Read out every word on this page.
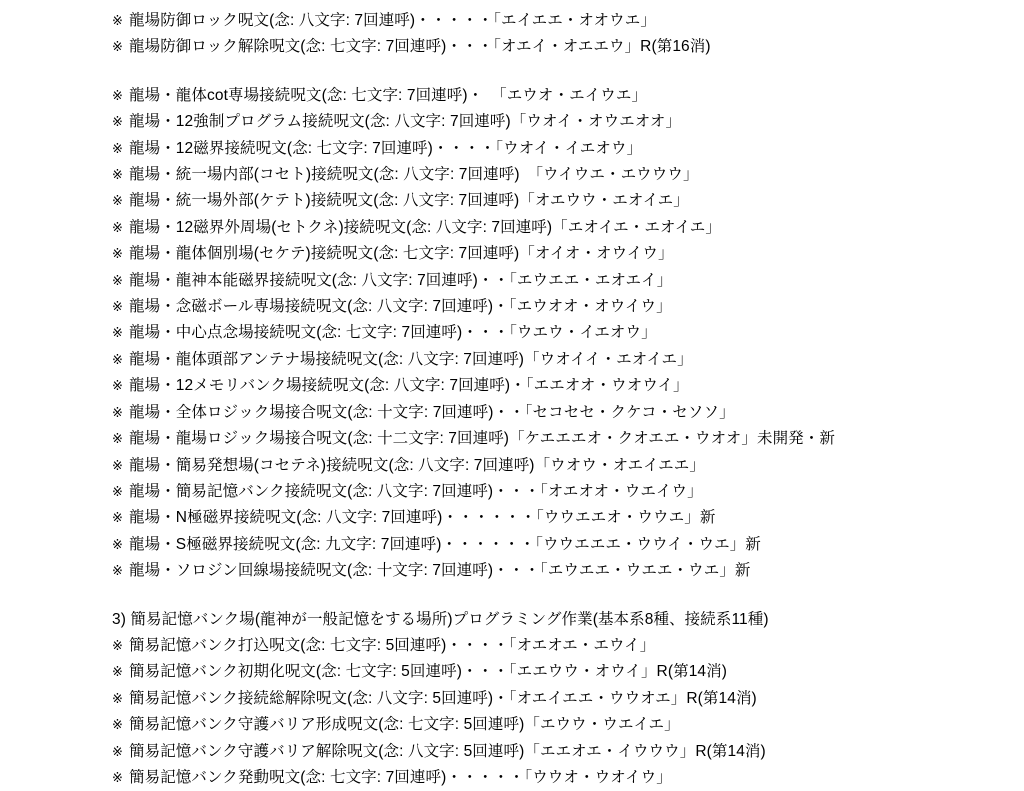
※ 龍場防御ロック呪文(念: 八文字: 7回連呼)・・・・・「エイエエ・オオウエ」
※ 龍場防御ロック解除呪文(念: 七文字: 7回連呼)・・・「オエイ・オエエウ」R(第16消)
※ 龍場・龍体cot専場接続呪文(念: 七文字: 7回連呼)・　「エウオ・エイウエ」
※ 龍場・12強制プログラム接続呪文(念: 八文字: 7回連呼)「ウオイ・オウエオオ」
※ 龍場・12磁界接続呪文(念: 七文字: 7回連呼)・・・・「ウオイ・イエオウ」
※ 龍場・統一場内部(コセト)接続呪文(念: 八文字: 7回連呼)　「ウイウエ・エウウウ」
※ 龍場・統一場外部(ケテト)接続呪文(念: 八文字: 7回連呼)「オエウウ・エオイエ」
※ 龍場・12磁界外周場(セトクネ)接続呪文(念: 八文字: 7回連呼)「エオイエ・エオイエ」
※ 龍場・龍体個別場(セケテ)接続呪文(念: 七文字: 7回連呼)「オイオ・オウイウ」
※ 龍場・龍神本能磁界接続呪文(念: 八文字: 7回連呼)・・「エウエエ・エオエイ」
※ 龍場・念磁ボール専場接続呪文(念: 八文字: 7回連呼)・「エウオオ・オウイウ」
※ 龍場・中心点念場接続呪文(念: 七文字: 7回連呼)・・・「ウエウ・イエオウ」
※ 龍場・龍体頭部アンテナ場接続呪文(念: 八文字: 7回連呼)「ウオイイ・エオイエ」
※ 龍場・12メモリバンク場接続呪文(念: 八文字: 7回連呼)・「エエオオ・ウオウイ」
※ 龍場・全体ロジック場接合呪文(念: 十文字: 7回連呼)・・「セコセセ・クケコ・セソソ」
※ 龍場・龍場ロジック場接合呪文(念: 十二文字: 7回連呼)「ケエエエオ・クオエエ・ウオオ」未開発・新
※ 龍場・簡易発想場(コセテネ)接続呪文(念: 八文字: 7回連呼)「ウオウ・オエイエエ」
※ 龍場・簡易記憶バンク接続呪文(念: 八文字: 7回連呼)・・・「オエオオ・ウエイウ」
※ 龍場・N極磁界接続呪文(念: 八文字: 7回連呼)・・・・・・「ウウエエオ・ウウエ」新
※ 龍場・S極磁界接続呪文(念: 九文字: 7回連呼)・・・・・・「ウウエエエ・ウウイ・ウエ」新
※ 龍場・ソロジン回線場接続呪文(念: 十文字: 7回連呼)・・・「エウエエ・ウエエ・ウエ」新
3) 簡易記憶バンク場(龍神が一般記憶をする場所)プログラミング作業(基本系8種、接続系11種)
※ 簡易記憶バンク打込呪文(念: 七文字: 5回連呼)・・・・「オエオエ・エウイ」
※ 簡易記憶バンク初期化呪文(念: 七文字: 5回連呼)・・・「エエウウ・オウイ」R(第14消)
※ 簡易記憶バンク接続総解除呪文(念: 八文字: 5回連呼)・「オエイエエ・ウウオエ」R(第14消)
※ 簡易記憶バンク守護バリア形成呪文(念: 七文字: 5回連呼)「エウウ・ウエイエ」
※ 簡易記憶バンク守護バリア解除呪文(念: 八文字: 5回連呼)「エエオエ・イウウウ」R(第14消)
※ 簡易記憶バンク発動呪文(念: 七文字: 7回連呼)・・・・・「ウウオ・ウオイウ」
